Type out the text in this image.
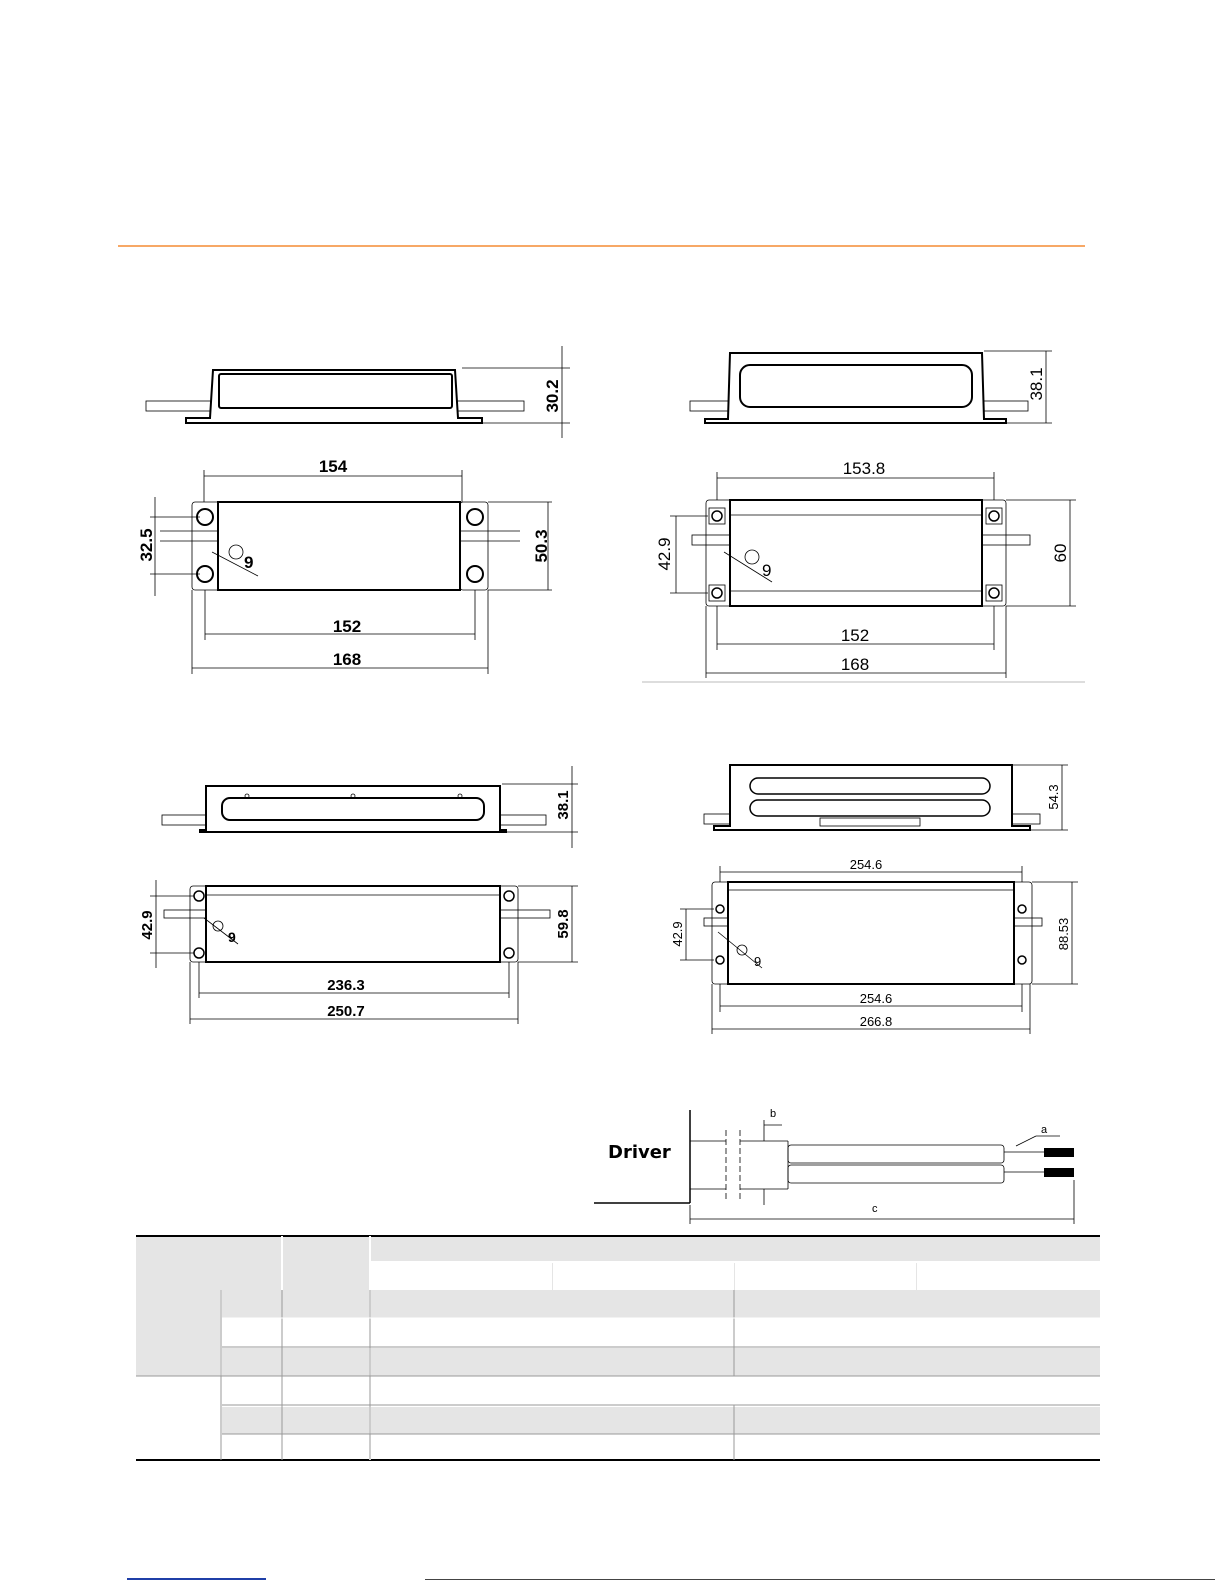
30.2
154
32.5	50.3
9
152
168
38.1
153.8
42.9	60
9
152
168
38.1
42.9	59.8
9
236.3
250.7
54.3
254.6
42.9	88.53
9
254.6
266.8
Driver
b
a
c
